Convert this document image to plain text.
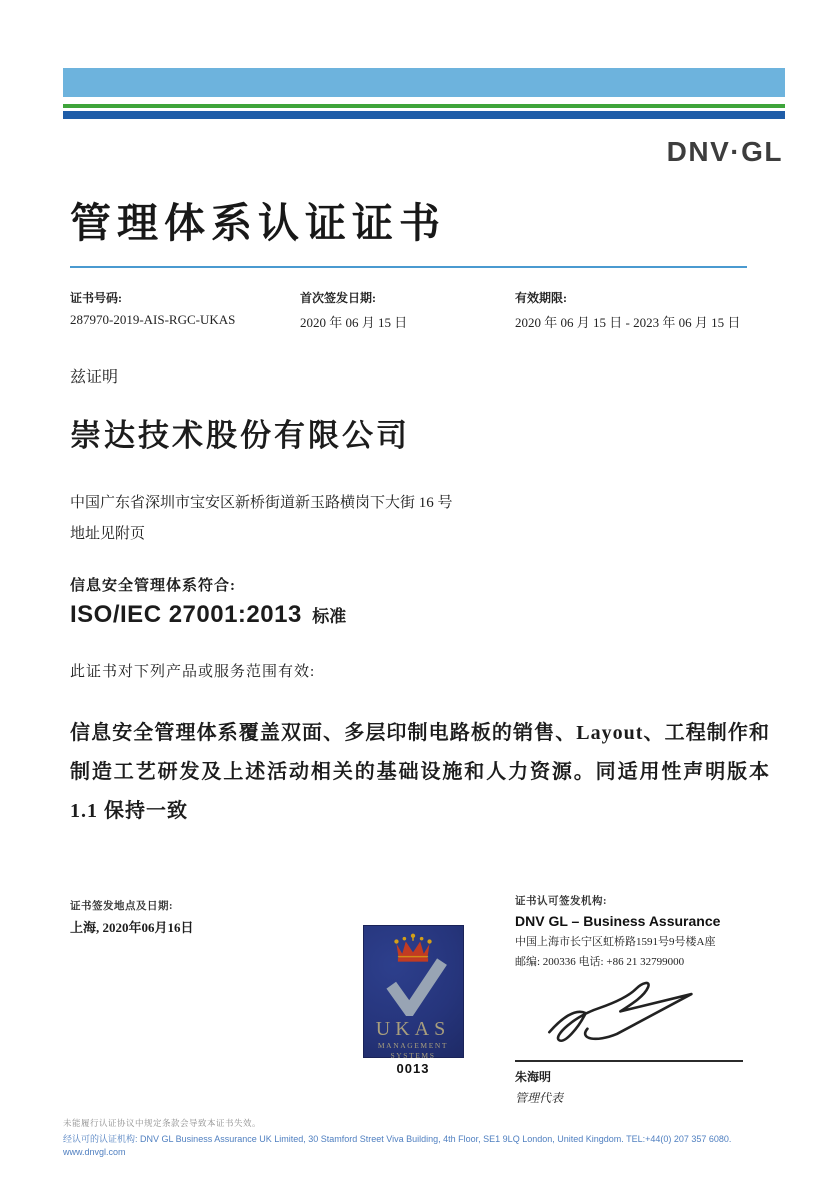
DNV·GL
管理体系认证证书
证书号码:
287970-2019-AIS-RGC-UKAS
首次签发日期:
2020 年 06 月 15 日
有效期限:
2020 年 06 月 15 日 - 2023 年 06 月 15 日
兹证明
崇达技术股份有限公司
中国广东省深圳市宝安区新桥街道新玉路横岗下大街 16 号
地址见附页
信息安全管理体系符合:
ISO/IEC 27001:2013 标准
此证书对下列产品或服务范围有效:
信息安全管理体系覆盖双面、多层印制电路板的销售、Layout、工程制作和制造工艺研发及上述活动相关的基础设施和人力资源。同适用性声明版本 1.1 保持一致
证书签发地点及日期:
上海, 2020年06月16日
UKAS
MANAGEMENT
SYSTEMS
0013
证书认可签发机构:
DNV GL – Business Assurance
中国上海市长宁区虹桥路1591号9号楼A座
邮编: 200336 电话: +86 21 32799000
朱海明
管理代表
未能履行认证协议中规定条款会导致本证书失效。
经认可的认证机构: DNV GL Business Assurance UK Limited, 30 Stamford Street Viva Building, 4th Floor, SE1 9LQ London, United Kingdom. TEL:+44(0) 207 357 6080. www.dnvgl.com
